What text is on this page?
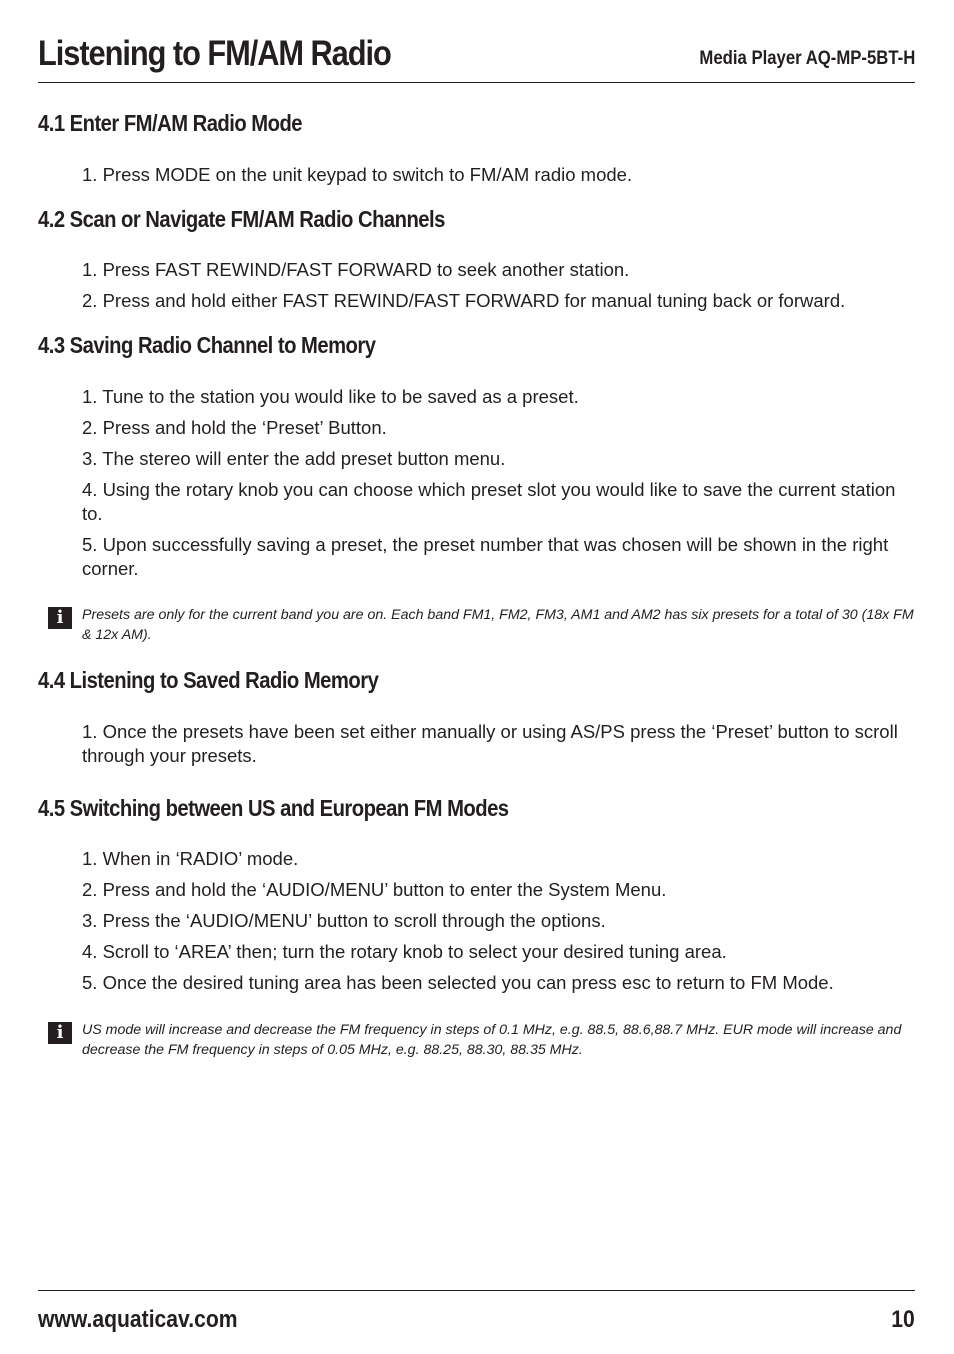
Listening to FM/AM Radio	Media Player AQ-MP-5BT-H
4.1 Enter FM/AM Radio Mode
1. Press MODE on the unit keypad to switch to FM/AM radio mode.
4.2 Scan or Navigate FM/AM Radio Channels
1. Press FAST REWIND/FAST FORWARD to seek another station.
2. Press and hold either FAST REWIND/FAST FORWARD for manual tuning back or forward.
4.3 Saving Radio Channel to Memory
1. Tune to the station you would like to be saved as a preset.
2. Press and hold the ‘Preset’ Button.
3. The stereo will enter the add preset button menu.
4. Using the rotary knob you can choose which preset slot you would like to save the current station to.
5. Upon successfully saving a preset, the preset number that was chosen will be shown in the right corner.
i	Presets are only for the current band you are on. Each band FM1, FM2, FM3, AM1 and AM2 has six presets for a total of 30 (18x FM & 12x AM).
4.4 Listening to Saved Radio Memory
1. Once the presets have been set either manually or using AS/PS press the ‘Preset’ button to scroll through your presets.
4.5 Switching between US and European FM Modes
1. When in ‘RADIO’ mode.
2. Press and hold the ‘AUDIO/MENU’ button to enter the System Menu.
3. Press the ‘AUDIO/MENU’ button to scroll through the options.
4. Scroll to ‘AREA’ then; turn the rotary knob to select your desired tuning area.
5. Once the desired tuning area has been selected you can press esc to return to FM Mode.
i	US mode will increase and decrease the FM frequency in steps of 0.1 MHz, e.g. 88.5, 88.6,88.7 MHz. EUR mode will increase and decrease the FM frequency in steps of 0.05 MHz, e.g. 88.25, 88.30, 88.35 MHz.
www.aquaticav.com	10
